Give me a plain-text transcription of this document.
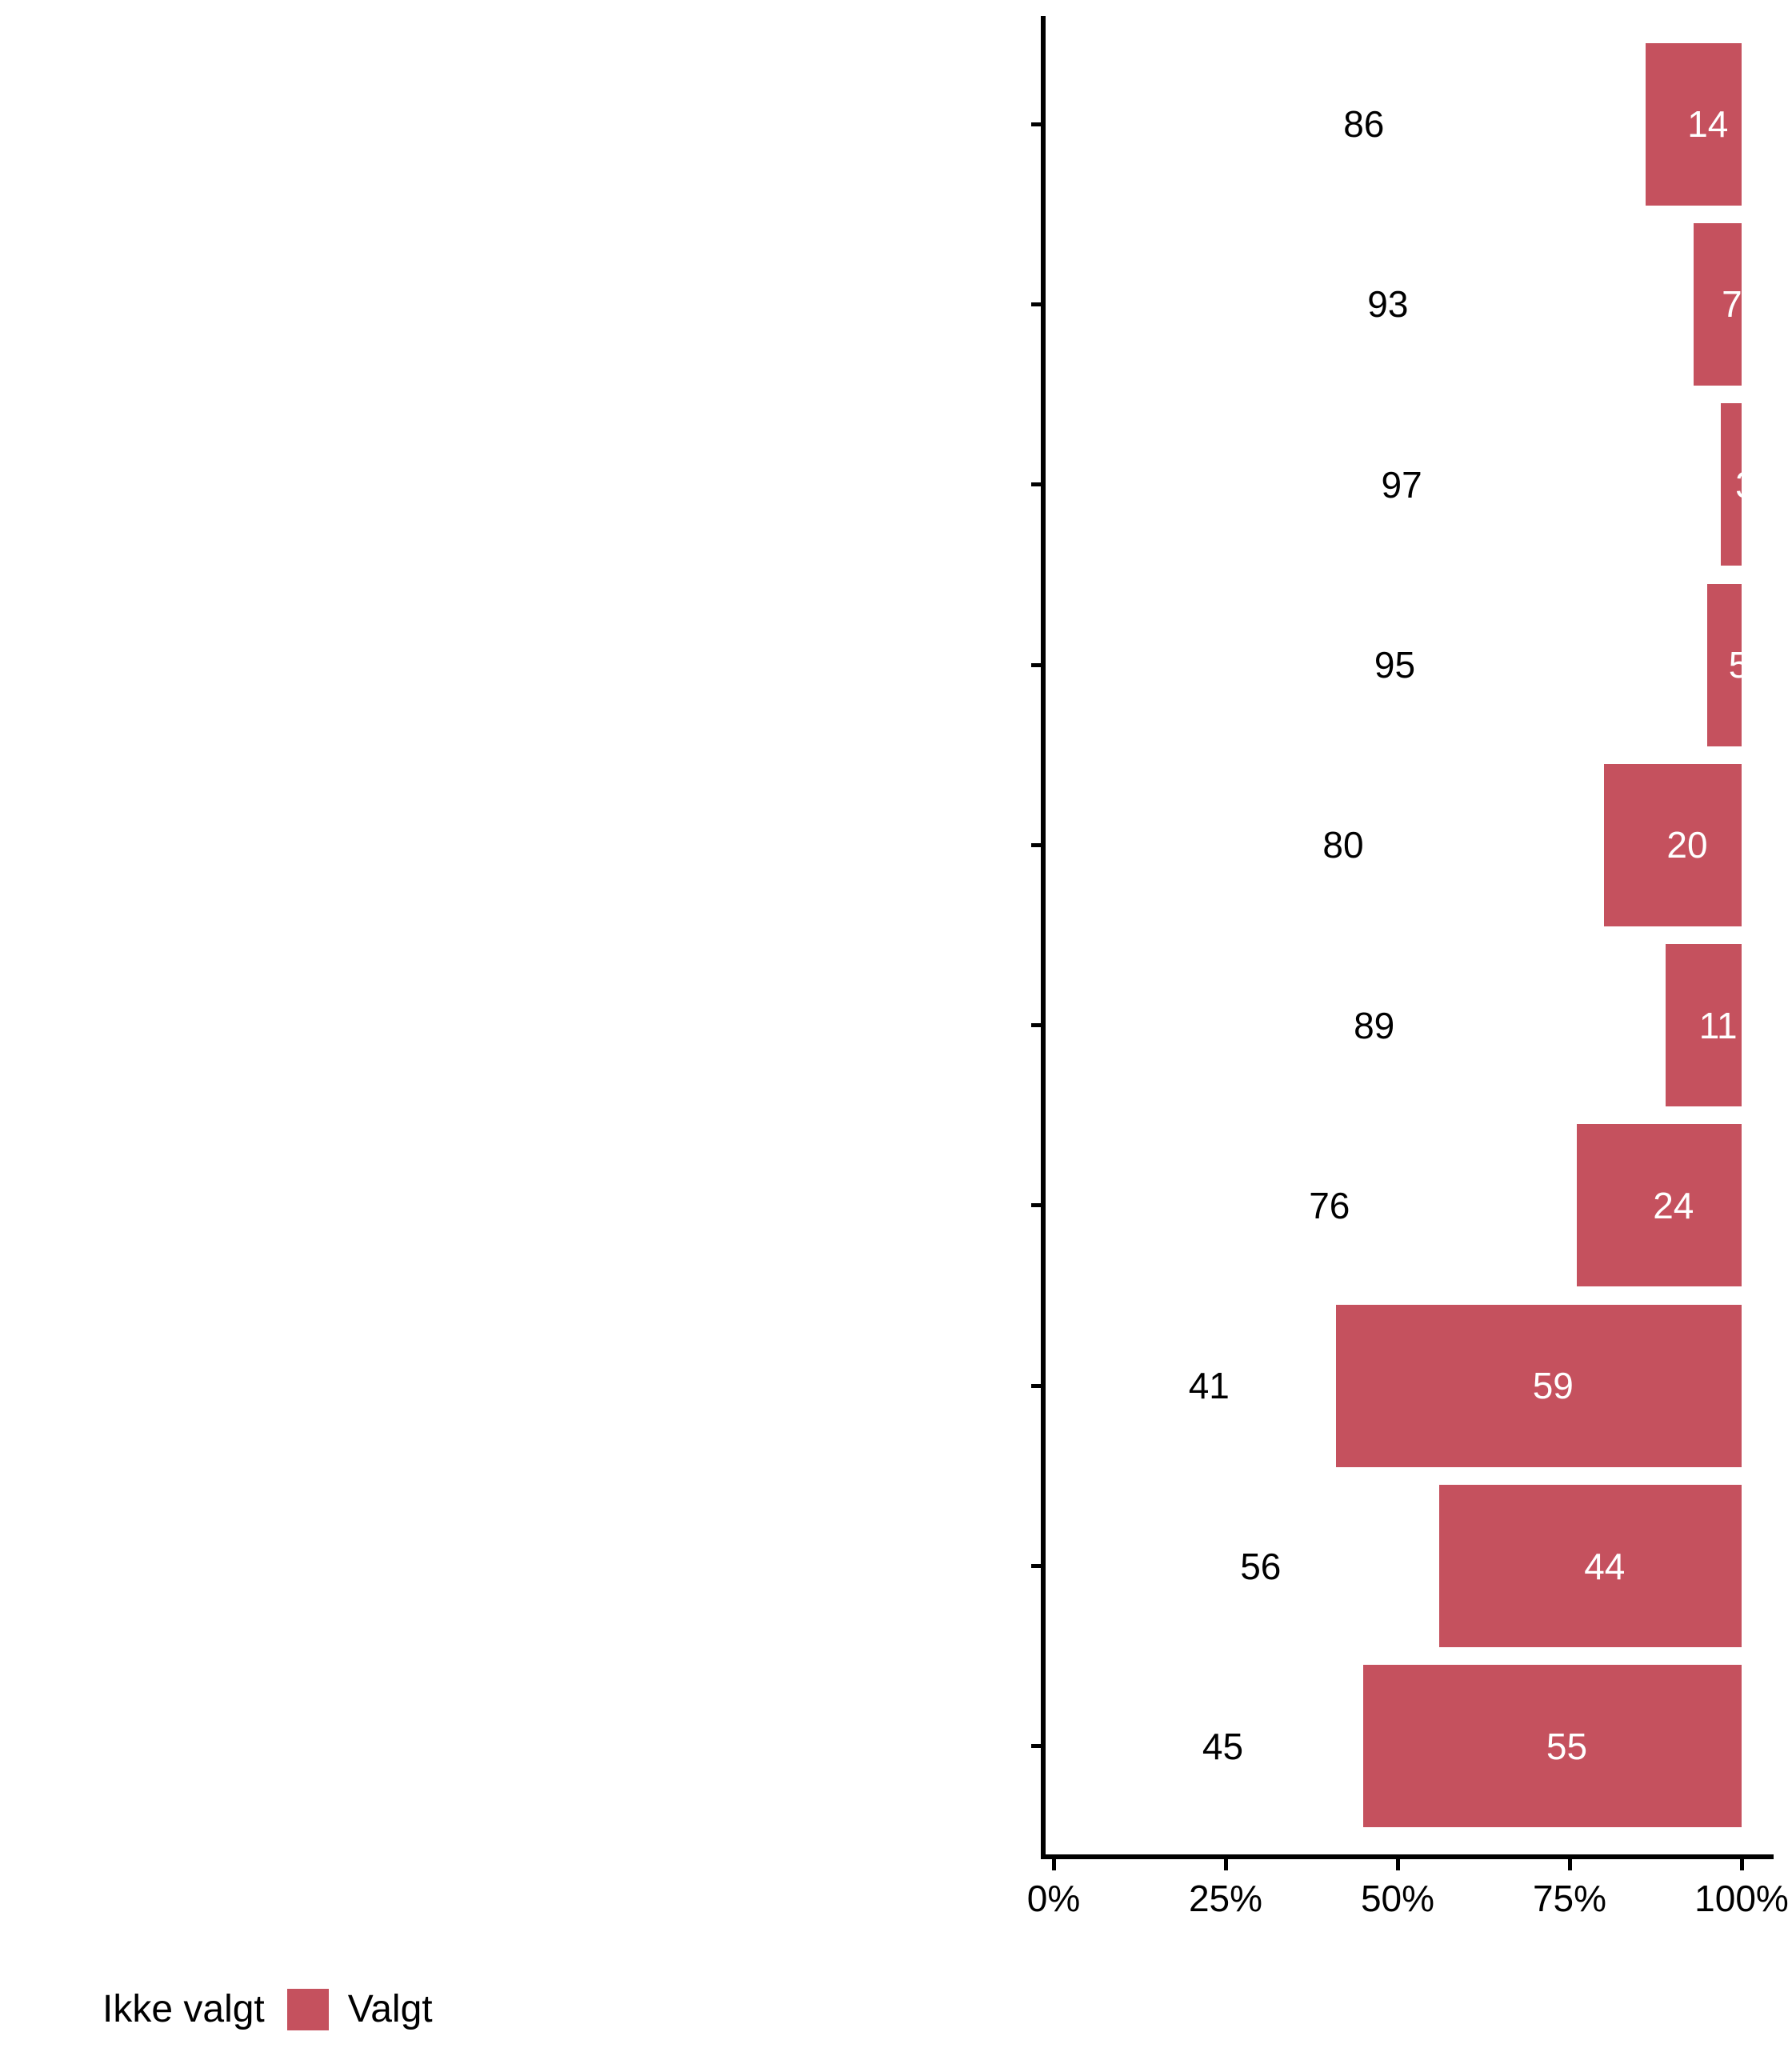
86	14
93	7
97	3
95	5
80	20
89	11
76	24
41	59
56	44
45	55
0%	25%	50%	75% 100%
Ikke valgt Valgt
